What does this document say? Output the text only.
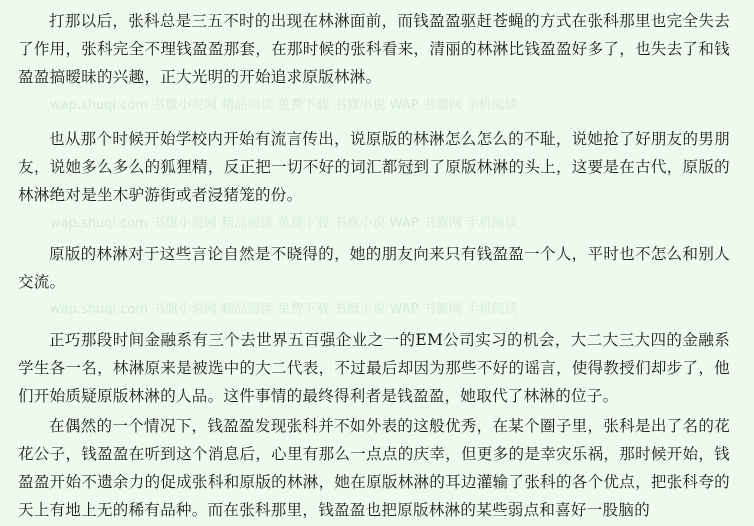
wap.shuqi.com 书旗小说网 精品阅读 免费下载 书旗小说 WAP 书旗网 手机阅读
wap.shuqi.com 书旗小说网 精品阅读 免费下载 书旗小说 WAP 书旗网 手机阅读
wap.shuqi.com 书旗小说网 精品阅读 免费下载 书旗小说 WAP 书旗网 手机阅读

打那以后，张科总是三五不时的出现在林淋面前，而钱盈盈驱赶苍蝇的方式在张科那里也完全失去了作用，张科完全不理钱盈盈那套，在那时候的张科看来，清丽的林淋比钱盈盈好多了，也失去了和钱盈盈搞暧昧的兴趣，正大光明的开始追求原版林淋。

也从那个时候开始学校内开始有流言传出，说原版的林淋怎么怎么的不耻，说她抢了好朋友的男朋友，说她多么多么的狐狸精，反正把一切不好的词汇都冠到了原版林淋的头上，这要是在古代，原版的林淋绝对是坐木驴游街或者浸猪笼的份。

原版的林淋对于这些言论自然是不晓得的，她的朋友向来只有钱盈盈一个人，平时也不怎么和别人交流。

正巧那段时间金融系有三个去世界五百强企业之一的EM公司实习的机会，大二大三大四的金融系学生各一名，林淋原来是被选中的大二代表，不过最后却因为那些不好的谣言，使得教授们却步了，他们开始质疑原版林淋的人品。这件事情的最终得利者是钱盈盈，她取代了林淋的位子。

在偶然的一个情况下，钱盈盈发现张科并不如外表的这般优秀，在某个圈子里，张科是出了名的花花公子，钱盈盈在听到这个消息后，心里有那么一点点的庆幸，但更多的是幸灾乐祸，那时候开始，钱盈盈开始不遗余力的促成张科和原版的林淋，她在原版林淋的耳边灌输了张科的各个优点，把张科夸的天上有地上无的稀有品种。而在张科那里，钱盈盈也把原版林淋的某些弱点和喜好一股脑的
